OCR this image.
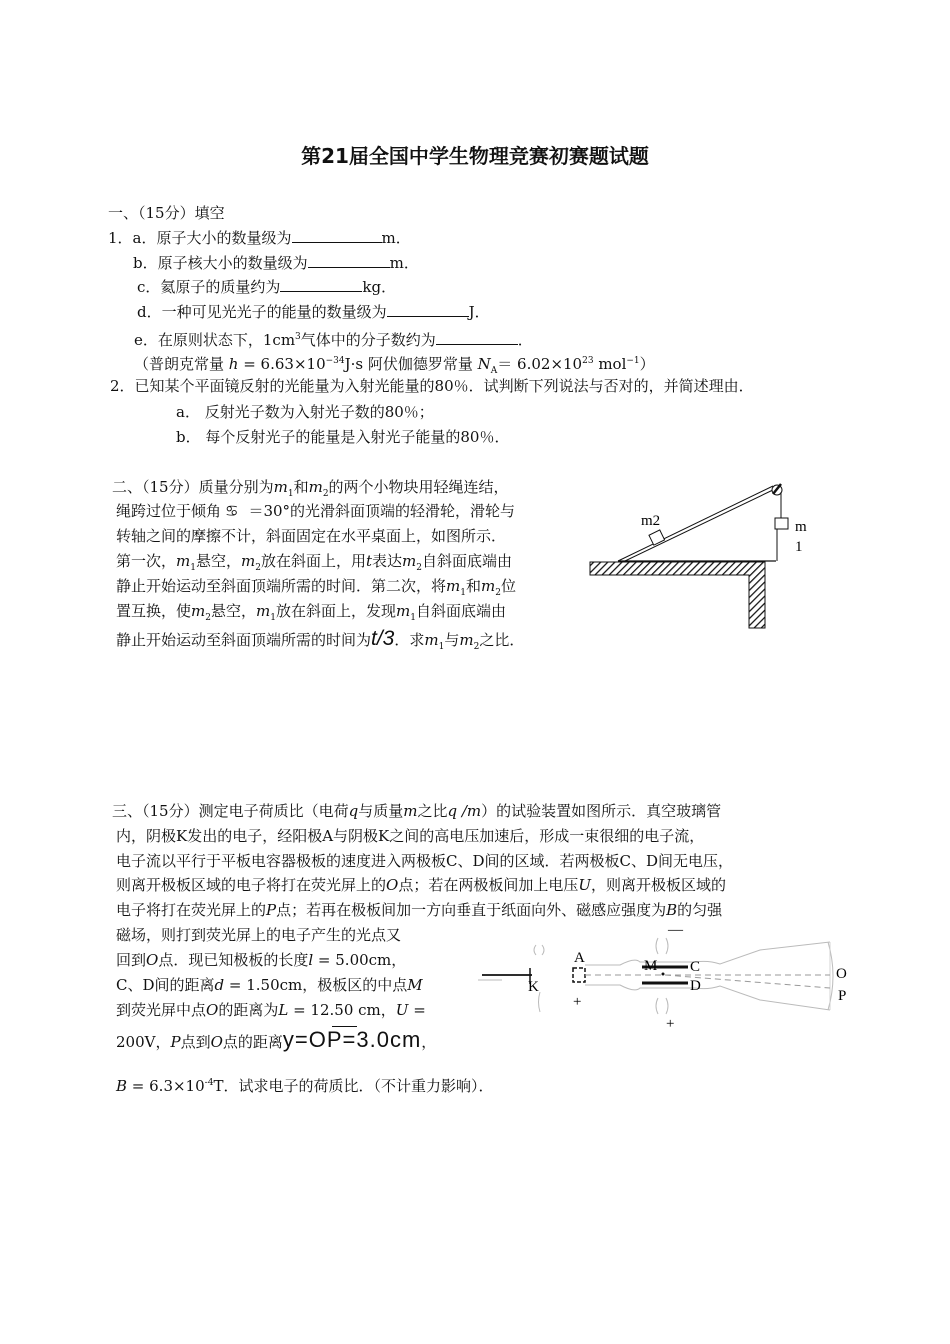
第21届全国中学生物理竞赛初赛题试题
一、（15分）填空
1．a．原子大小的数量级为	m．
b．原子核大小的数量级为	m．
c．氦原子的质量约为	kg．
d．一种可见光光子的能量的数量级为	J．
e．在原则状态下，$1cm^3$气体中的分子数约为	．
（普朗克常量 $h = 6.63\times 10^{-34}J\cdot s$ 阿伏伽德罗常量 $N_A= 6.02\times 10^{23}$ mol$^{-1}$）
2．已知某个平面镜反射的光能量为入射光能量的80％．试判断下列说法与否对的，并简述理由．
a． 反射光子数为入射光子数的80％；
b． 每个反射光子的能量是入射光子能量的80％．
二、（15分）质量分别为$m_1$和$m_2$的两个小物块用轻绳连结，
绳跨过位于倾角 ♋ ＝30°的光滑斜面顶端的轻滑轮，滑轮与
转轴之间的摩擦不计，斜面固定在水平桌面上，如图所示．
第一次，$m_1$悬空，$m_2$放在斜面上，用t表达$m_2$自斜面底端由
静止开始运动至斜面顶端所需的时间．第二次，将$m_1$和$m_2$位
置互换，使$m_2$悬空，$m_1$放在斜面上，发现$m_1$自斜面底端由
静止开始运动至斜面顶端所需的时间为t/3．求$m_1$与$m_2$之比．
m2	m
1
三、（15分）测定电子荷质比（电荷q与质量m之比q /m）的试验装置如图所示．真空玻璃管
内，阴极K发出的电子，经阳极A与阴极K之间的高电压加速后，形成一束很细的电子流，
电子流以平行于平板电容器极板的速度进入两极板C、D间的区域．若两极板C、D间无电压，
则离开极板区域的电子将打在荧光屏上的O点；若在两极板间加上电压U，则离开极板区域的
电子将打在荧光屏上的P点；若再在极板间加一方向垂直于纸面向外、磁感应强度为B的匀强
磁场，则打到荧光屏上的电子产生的光点又
回到O点．现已知极板的长度l = 5.00cm，
C、D间的距离d = 1.50cm，极板区的中点M
到荧光屏中点O的距离为L = 12.50 cm，U =
200V，P点到O点的距离y=OP=3.0cm，
$B = 6.3\times 10^{-4}T$．试求电子的荷质比．（不计重力影响）．
K
A
+
M C
D
—
+
O
P
